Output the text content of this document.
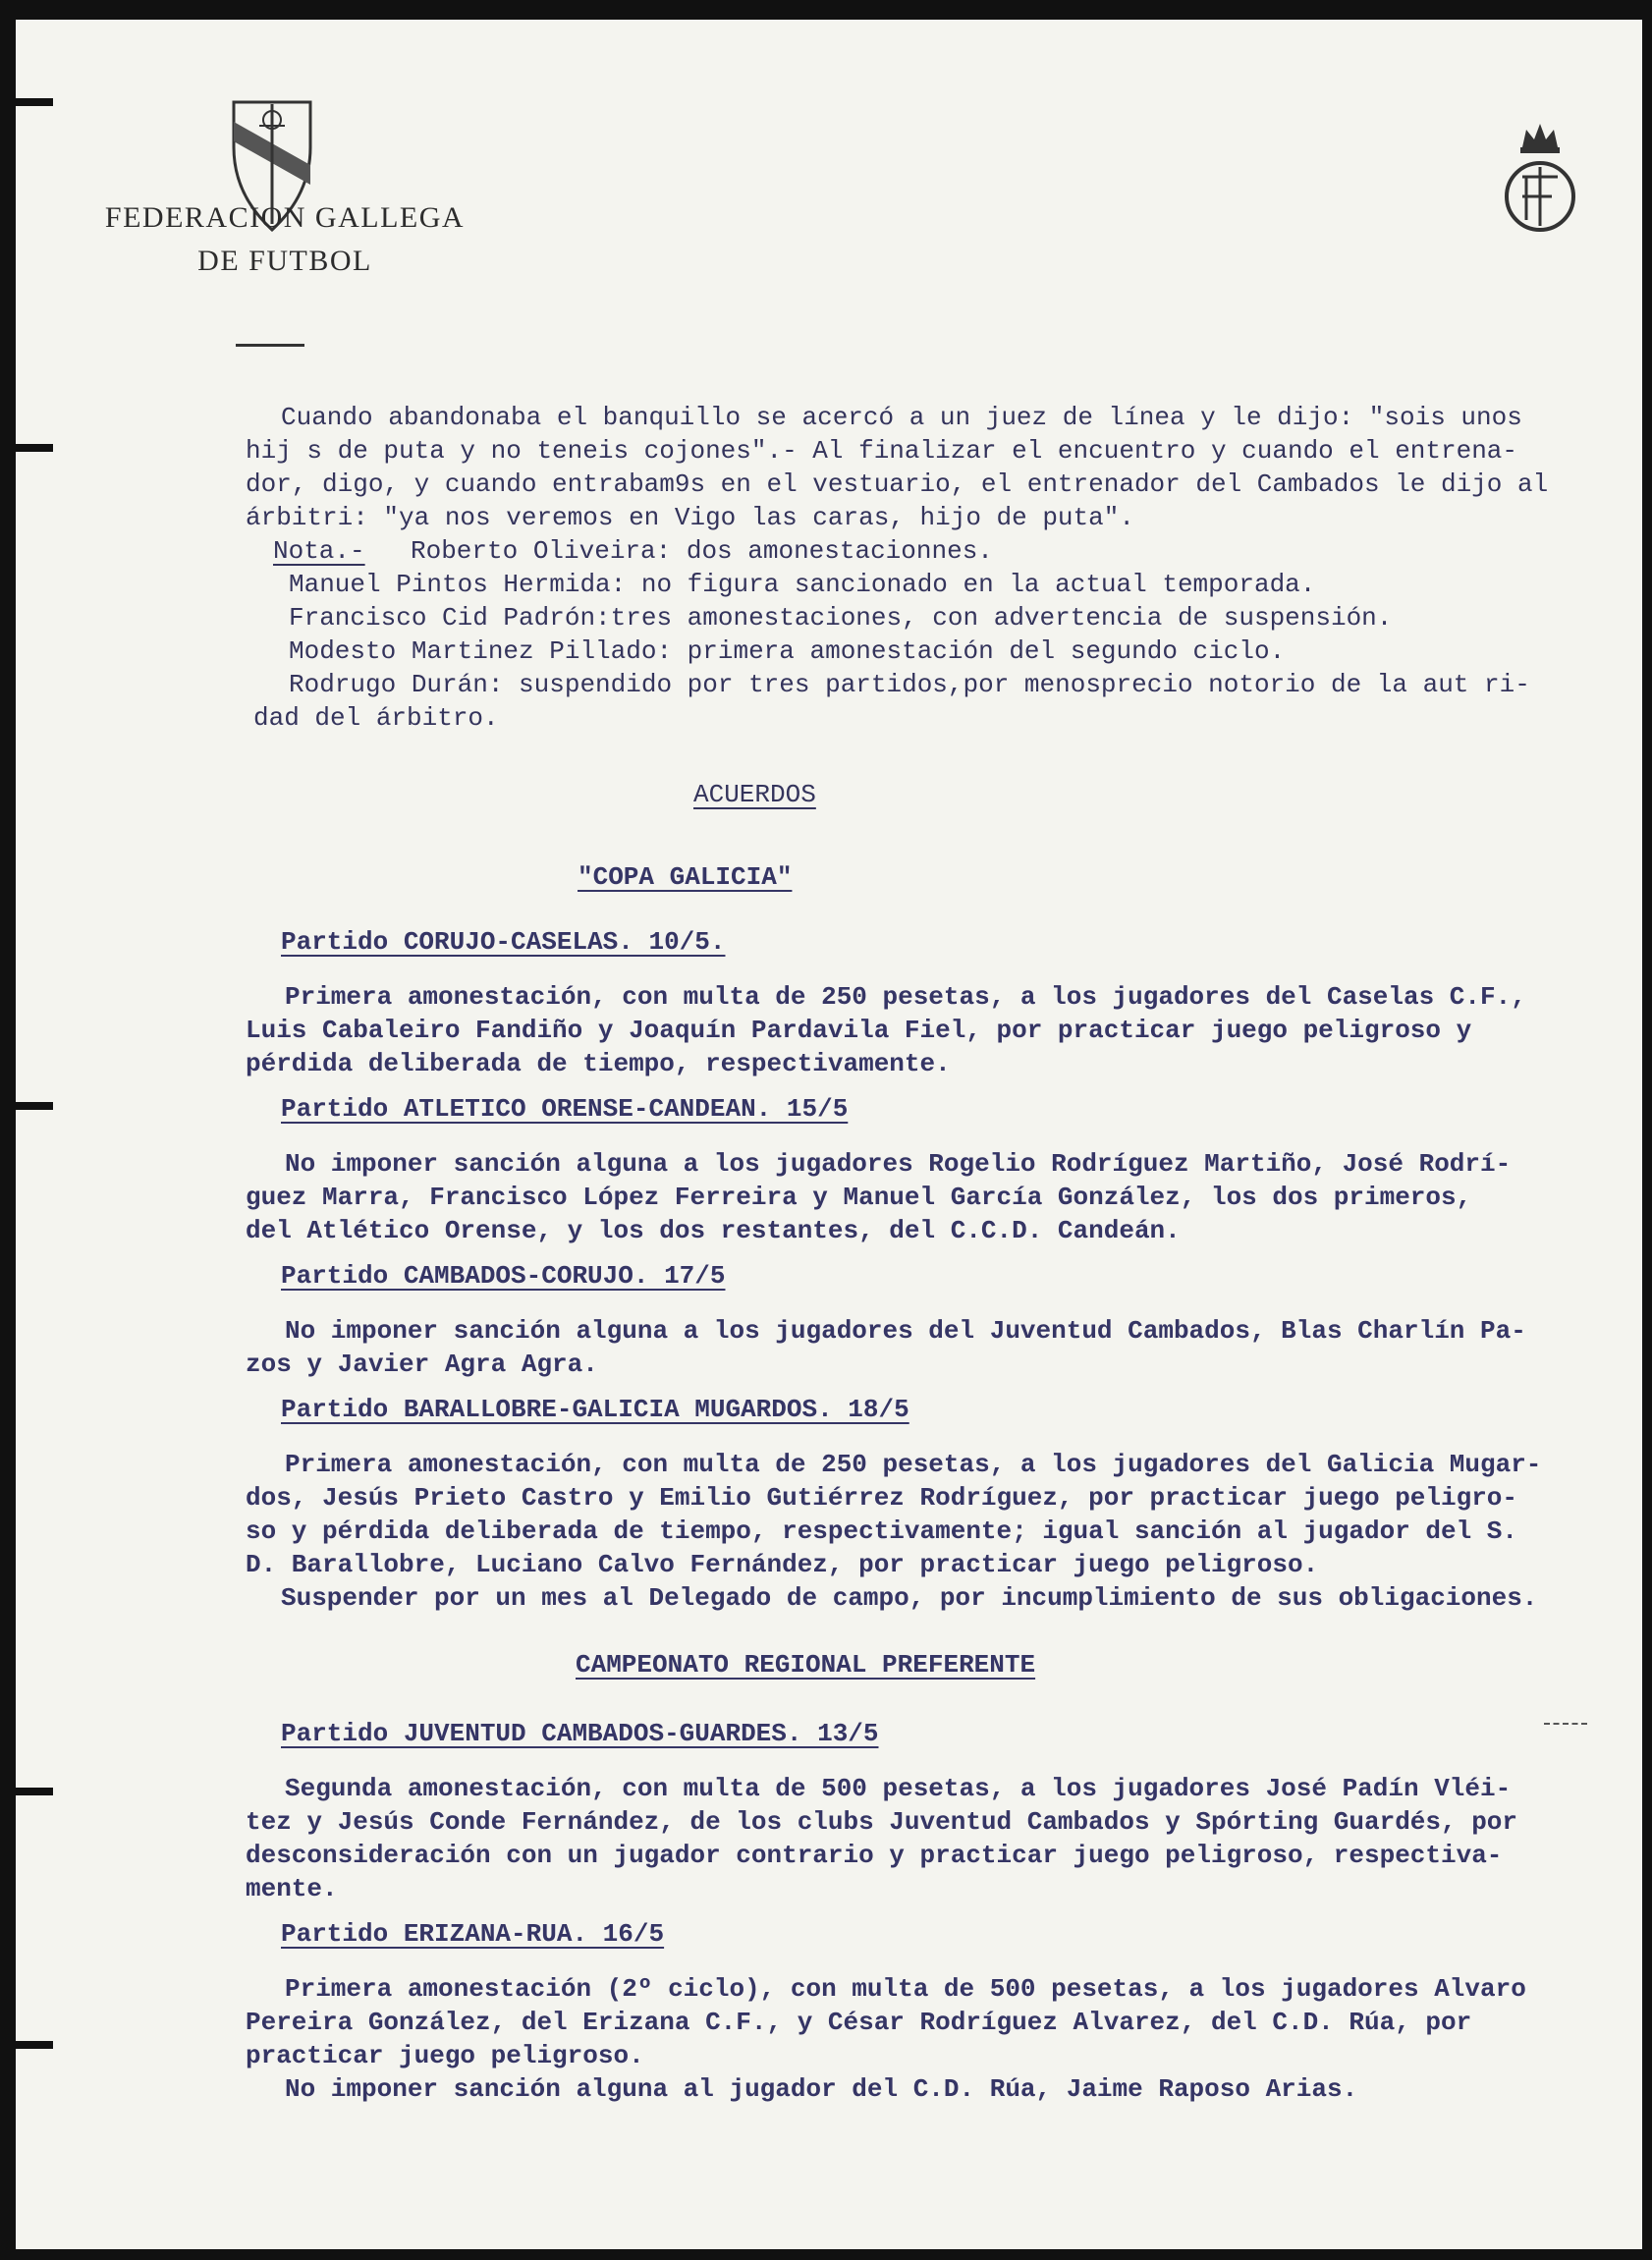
FEDERACION GALLEGA
DE FUTBOL
Cuando abandonaba el banquillo se acercó a un juez de línea y le dijo: "sois unos
hij s de puta y no teneis cojones".- Al finalizar el encuentro y cuando el entrena-
dor, digo, y cuando entrabam9s en el vestuario, el entrenador del Cambados le dijo al
árbitri: "ya nos veremos en Vigo las caras, hijo de puta".
Nota.- Roberto Oliveira: dos amonestacionnes.
Manuel Pintos Hermida: no figura sancionado en la actual temporada.
Francisco Cid Padrón:tres amonestaciones, con advertencia de suspensión.
Modesto Martinez Pillado: primera amonestación del segundo ciclo.
Rodrugo Durán: suspendido por tres partidos,por menosprecio notorio de la aut ri-
dad del árbitro.
ACUERDOS
"COPA GALICIA"
Partido CORUJO-CASELAS. 10/5.
Primera amonestación, con multa de 250 pesetas, a los jugadores del Caselas C.F.,
Luis Cabaleiro Fandiño y Joaquín Pardavila Fiel, por practicar juego peligroso y
pérdida deliberada de tiempo, respectivamente.
Partido ATLETICO ORENSE-CANDEAN. 15/5
No imponer sanción alguna a los jugadores Rogelio Rodríguez Martiño, José Rodrí-
guez Marra, Francisco López Ferreira y Manuel García González, los dos primeros,
del Atlético Orense, y los dos restantes, del C.C.D. Candeán.
Partido CAMBADOS-CORUJO. 17/5
No imponer sanción alguna a los jugadores del Juventud Cambados, Blas Charlín Pa-
zos y Javier Agra Agra.
Partido BARALLOBRE-GALICIA MUGARDOS. 18/5
Primera amonestación, con multa de 250 pesetas, a los jugadores del Galicia Mugar-
dos, Jesús Prieto Castro y Emilio Gutiérrez Rodríguez, por practicar juego peligro-
so y pérdida deliberada de tiempo, respectivamente; igual sanción al jugador del S.
D. Barallobre, Luciano Calvo Fernández, por practicar juego peligroso.
Suspender por un mes al Delegado de campo, por incumplimiento de sus obligaciones.
CAMPEONATO REGIONAL PREFERENTE
Partido JUVENTUD CAMBADOS-GUARDES. 13/5
Segunda amonestación, con multa de 500 pesetas, a los jugadores José Padín Vléi-
tez y Jesús Conde Fernández, de los clubs Juventud Cambados y Spórting Guardés, por
desconsideración con un jugador contrario y practicar juego peligroso, respectiva-
mente.
Partido ERIZANA-RUA. 16/5
Primera amonestación (2º ciclo), con multa de 500 pesetas, a los jugadores Alvaro
Pereira González, del Erizana C.F., y César Rodríguez Alvarez, del C.D. Rúa, por
practicar juego peligroso.
No imponer sanción alguna al jugador del C.D. Rúa, Jaime Raposo Arias.
